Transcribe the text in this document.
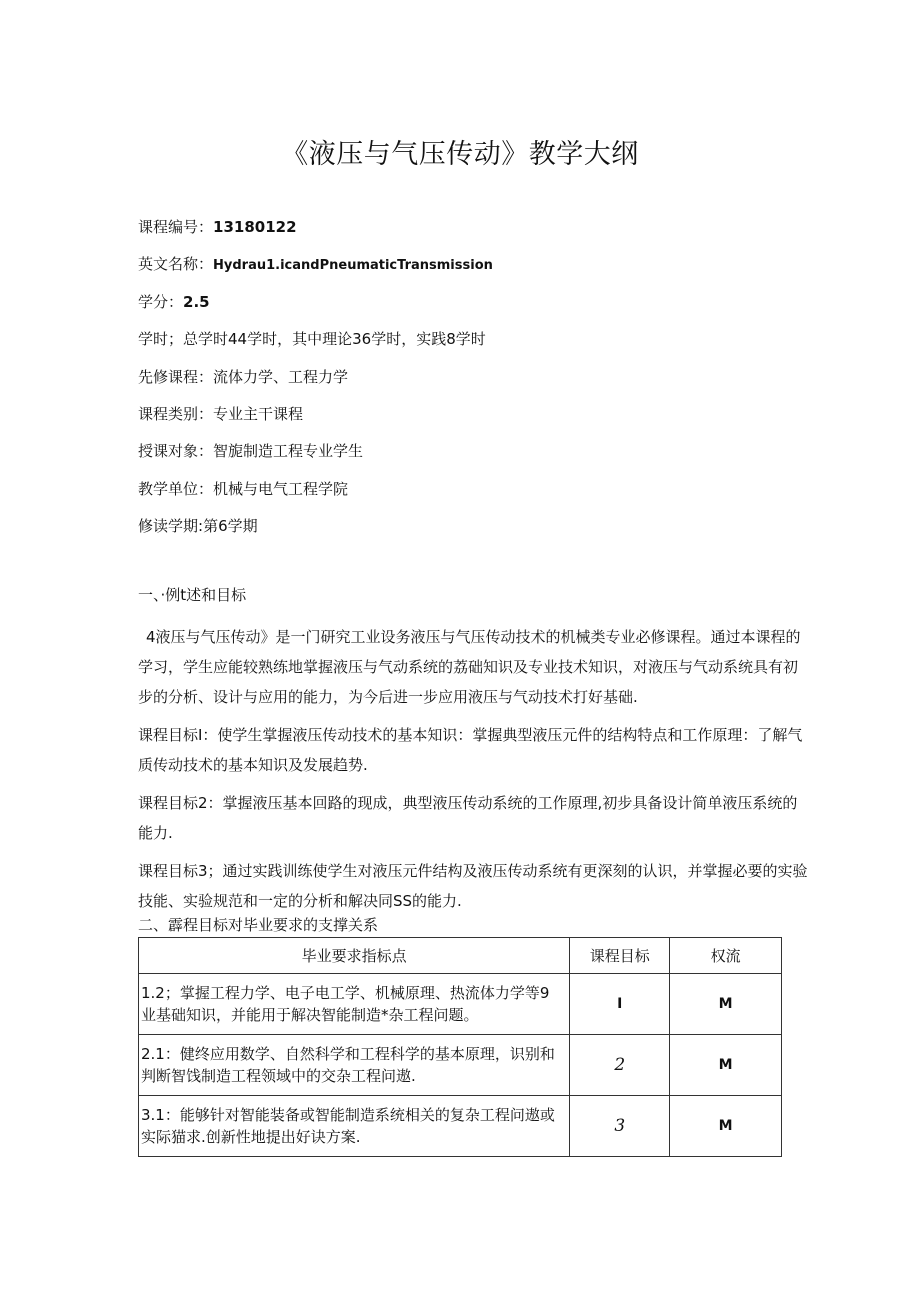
《液压与气压传动》教学大纲
课程编号：13180122
英文名称：Hydrau1.icandPneumaticTransmission
学分：2.5
学时；总学时44学时，其中理论36学时，实践8学时
先修课程：流体力学、工程力学
课程类别：专业主干课程
授课对象：智旎制造工程专业学生
教学单位：机械与电气工程学院
修读学期:第6学期
一、·例t述和目标

4液压与气压传动》是一门研究工业设务液压与气压传动技术的机械类专业必修课程。通过本课程的学习，学生应能较熟练地掌握液压与气动系统的荔础知识及专业技术知识，对液压与气动系统具有初步的分析、设计与应用的能力，为今后进一步应用液压与气动技术打好基础.

课程目标I：使学生掌握液压传动技术的基本知识：掌握典型液压元件的结构特点和工作原理：了解气质传动技术的基本知识及发展趋势.

课程目标2：掌握液压基本回路的现成，典型液压传动系统的工作原理,初步具备设计简单液压系统的能力.

课程目标3；通过实践训练使学生对液压元件结构及液压传动系统有更深刻的认识，并掌握必要的实验技能、实验规范和一定的分析和解决同SS的能力.

二、霹程目标对毕业要求的支撑关系
毕业要求指标点	课程目标	权流
1.2；掌握工程力学、电子电工学、机械原理、热流体力学等9业基础知识，并能用于解决智能制造*杂工程问题。	I	M
2.1：健终应用数学、自然科学和工程科学的基本原理，识别和判断智饯制造工程领域中的交杂工程问遨.	2	M
3.1：能够针对智能装备或智能制造系统相关的复杂工程问遨或实际猫求.创新性地提出好诀方案.	3	M
